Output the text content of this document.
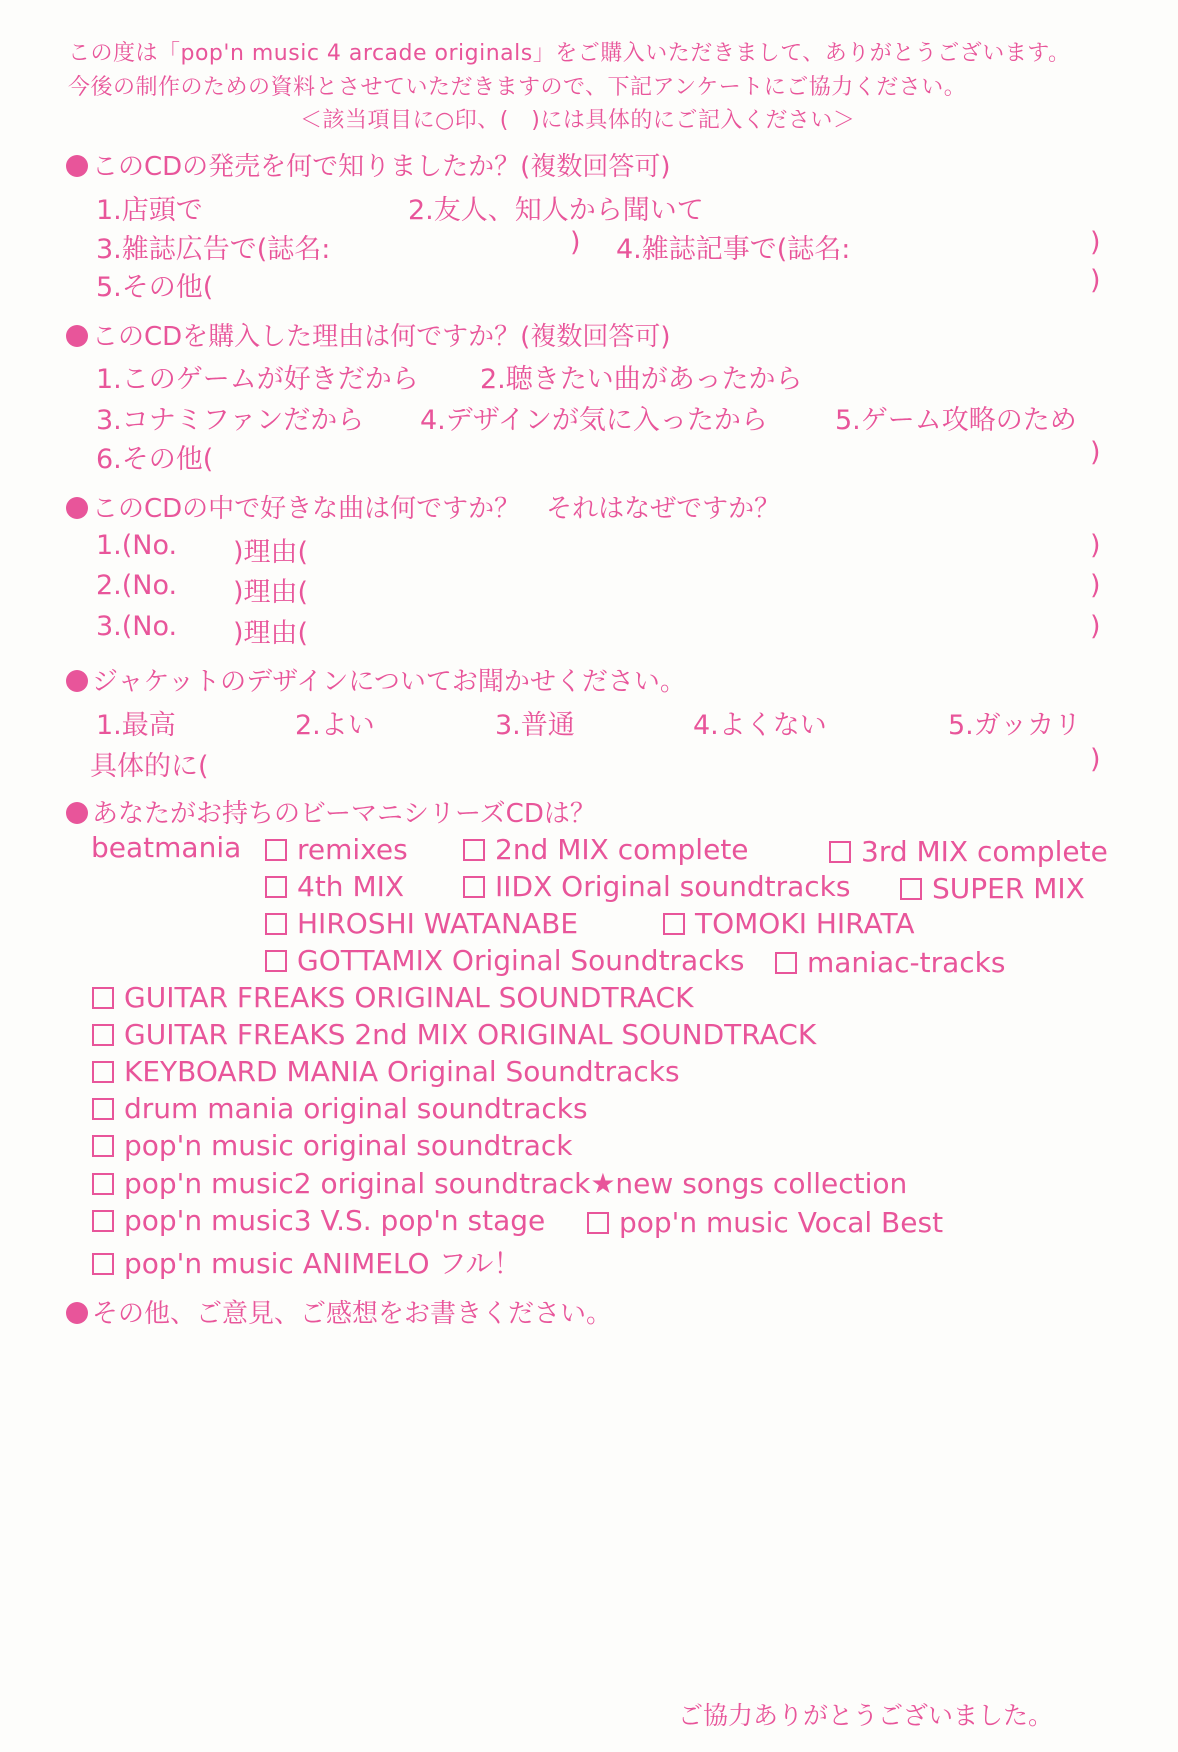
この度は「pop'n music 4 arcade originals」をご購入いただきまして、ありがとうございます。
今後の制作のための資料とさせていただきますので、下記アンケートにご協力ください。
＜該当項目に○印、(　)には具体的にご記入ください＞
このCDの発売を何で知りましたか？(複数回答可)
1.店頭で	2.友人、知人から聞いて
3.雑誌広告で(誌名:	) 4.雑誌記事で(誌名:	)
5.その他(	)
このCDを購入した理由は何ですか？(複数回答可)
1.このゲームが好きだから 2.聴きたい曲があったから
3.コナミファンだから 4.デザインが気に入ったから 5.ゲーム攻略のため
6.その他(	)
このCDの中で好きな曲は何ですか？　それはなぜですか？
1.(No. )理由(	)
2.(No. )理由(	)
3.(No. )理由(	)
ジャケットのデザインについてお聞かせください。
1.最高	2.よい	3.普通	4.よくない	5.ガッカリ
具体的に(	)
あなたがお持ちのビーマニシリーズCDは？
beatmania	remixes	2nd MIX complete	3rd MIX complete
4th MIX	IIDX Original soundtracks	SUPER MIX
HIROSHI WATANABE	TOMOKI HIRATA
GOTTAMIX Original Soundtracks	maniac-tracks
GUITAR FREAKS ORIGINAL SOUNDTRACK
GUITAR FREAKS 2nd MIX ORIGINAL SOUNDTRACK
KEYBOARD MANIA Original Soundtracks
drum mania original soundtracks
pop'n music original soundtrack
pop'n music2 original soundtrack★new songs collection
pop'n music3 V.S. pop'n stage	pop'n music Vocal Best
pop'n music ANIMELO フル！
その他、ご意見、ご感想をお書きください。
ご協力ありがとうございました。
